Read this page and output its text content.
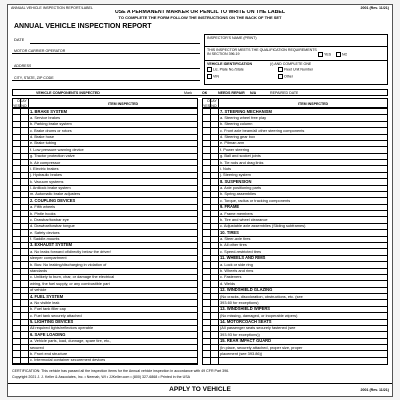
ANNUAL VEHICLE INSPECTION REPORT/LABEL	2001 (Rev. 11/21)
USE A PERMANENT MARKER OR PENCIL TO WRITE ON THE LABEL
TO COMPLETE THE FORM FOLLOW THE INSTRUCTIONS ON THE BACK OF THE SET
ANNUAL VEHICLE INSPECTION REPORT
DATE
MOTOR CARRIER OPERATOR
ADDRESS
CITY, STATE, ZIP CODE
INSPECTOR'S NAME (PRINT)
THIS INSPECTOR MEETS THE QUALIFICATION REQUIREMENTS IN SECTION 396.19	YES	NO
VEHICLE IDENTIFICATION	(/) AND COMPLETE ONE
Lic. Plate No./State	Fleet Unit Number
VIN	Other
VEHICLE COMPONENTS INSPECTED	Mark	OK	NEEDS REPAIR N/A	REPAIRED DATE
OKAY
ITEM INSPECTED
OKAY
ITEM INSPECTED
YES NO	YES NO
1. BRAKE SYSTEM
a. Service brakes
b. Parking brake system
c. Brake drums or rotors
d. Brake hose
e. Brake tubing
f. Low pressure warning device
g. Tractor protection valve
h. Air compressor
i. Electric brakes
j. Hydraulic brakes
k. Vacuum systems
l. Antilock brake system
m. Automatic brake adjusters
2. COUPLING DEVICES
a. Fifth wheels
b. Pintle hooks
c. Drawbar/towbar eye
d. Drawbar/towbar tongue
e. Safety devices
f. Saddle-mounts
3. EXHAUST SYSTEM
a. No leaks forward of/directly below the driver/
sleeper compartment
b. Bus: No leaking/discharging in violation of
standards
c. Unlikely to burn, char, or damage the electrical
wiring, the fuel supply, or any combustible part
of vehicle
4. FUEL SYSTEM
a. No visible leak
b. Fuel tank filler cap
c. Fuel tank securely attached
5. LIGHTING DEVICES
All required lights/reflectors operable
6. SAFE LOADING
a. Vehicle parts, load, dunnage, spare tire, etc.,
secured
b. Front end structure
c. Intermodal container securement devices
7. STEERING MECHANISM
a. Steering wheel free play
b. Steering column
c. Front axle beam/all other steering components
d. Steering gear box
e. Pitman arm
f. Power steering
g. Ball and socket joints
h. Tie rods and drag links
i. Nuts
j. Steering system
8. SUSPENSION
a. Axle positioning parts
b. Spring assemblies
c. Torque, radius or tracking components
9. FRAME
a. Frame members
b. Tire and wheel clearance
c. Adjustable axle assemblies (Sliding subframes)
10. TIRES
a. Steer-axle tires
b. All other tires
c. Speed-restricted tires
11. WHEELS AND RIMS
a. Lock or side ring
b. Wheels and rims
c. Fasteners
d. Welds
12. WINDSHIELD GLAZING
(No cracks, discoloration, obstructions, etc. (see
393.60 for exceptions)
13. WINDSHIELD WIPERS
(No missing, damaged, or inoperable wipers)
14. MOTORCOACH SEATS
(All passenger seats securely fastened (see
393.93 for exceptions))
15. REAR IMPACT GUARD
(In place, securely attached, proper size, proper
placement (see 393.86))
CERTIFICATION: This vehicle has passed all the inspection items for the Annual vehicle inspection in accordance with 49 CFR Part 396.
Copyright 2021 J. J. Keller & Associates, Inc. • Neenah, WI • JJKeller.com • (800) 327-6868 • Printed in the USA
APPLY TO VEHICLE	2001 (Rev. 11/21)
